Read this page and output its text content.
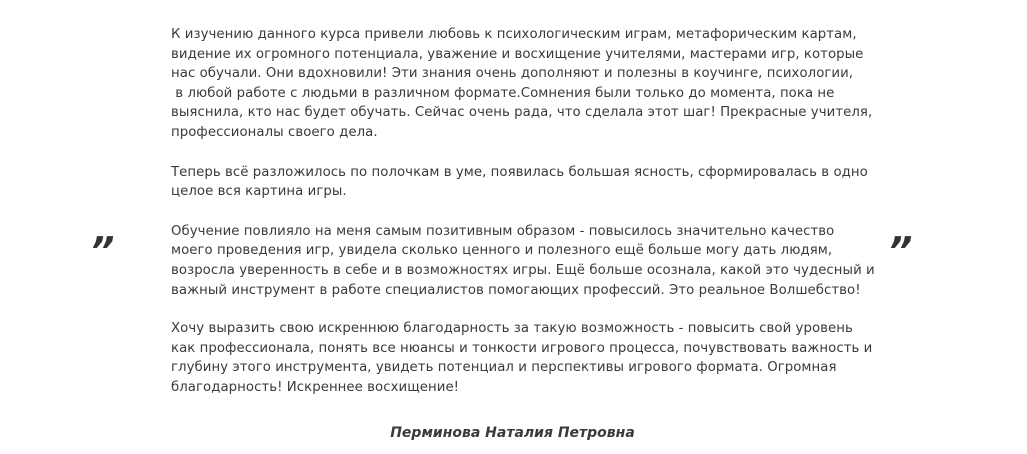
”	”

К изучению данного курса привели любовь к психологическим играм, метафорическим картам,
видение их огромного потенциала, уважение и восхищение учителями, мастерами игр, которые
нас обучали. Они вдохновили! Эти знания очень дополняют и полезны в коучинге, психологии,
в любой работе с людьми в различном формате.Сомнения были только до момента, пока не
выяснила, кто нас будет обучать. Сейчас очень рада, что сделала этот шаг! Прекрасные учителя,
профессионалы своего дела.

Теперь всё разложилось по полочкам в уме, появилась большая ясность, сформировалась в одно
целое вся картина игры.

Обучение повлияло на меня самым позитивным образом - повысилось значительно качество
моего проведения игр, увидела сколько ценного и полезного ещё больше могу дать людям,
возросла уверенность в себе и в возможностях игры. Ещё больше осознала, какой это чудесный и
важный инструмент в работе специалистов помогающих профессий. Это реальное Волшебство!

Хочу выразить свою искреннюю благодарность за такую возможность - повысить свой уровень
как профессионала, понять все нюансы и тонкости игрового процесса, почувствовать важность и
глубину этого инструмента, увидеть потенциал и перспективы игрового формата. Огромная
благодарность! Искреннее восхищение!

Перминова Наталия Петровна
